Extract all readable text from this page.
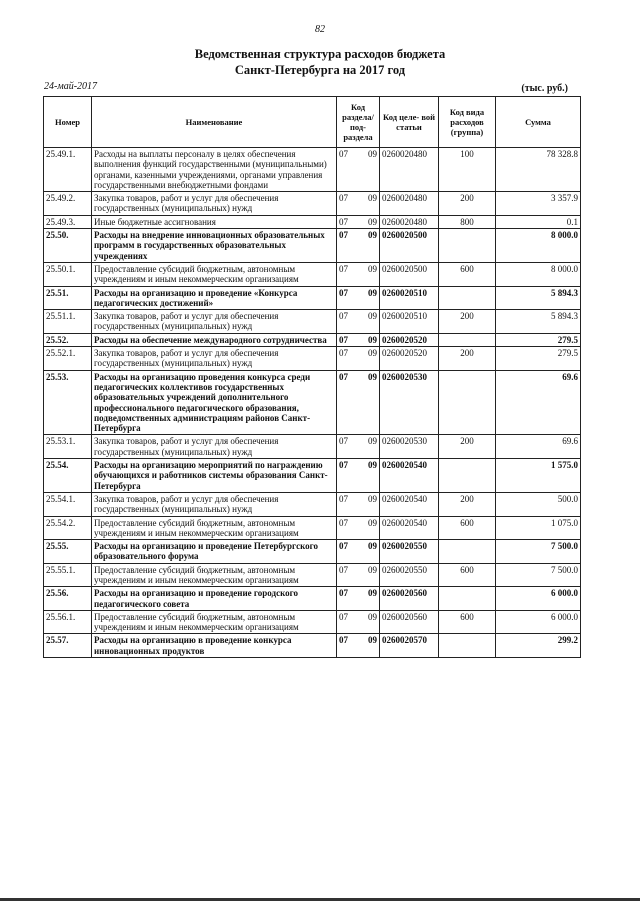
82
Ведомственная структура расходов бюджета
Санкт-Петербурга на 2017 год
24-май-2017	(тыс. руб.)
Номер	Наименование	Код раздела/ под- раздела	Код целе- вой статьи	Код вида расходов (группа)	Сумма
25.49.1.	Расходы на выплаты персоналу в целях обеспечения выполнения функций государственными (муниципальными) органами, казенными учреждениями, органами управления государственными внебюджетными фондами	07 09	0260020480	100	78 328.8
25.49.2.	Закупка товаров, работ и услуг для обеспечения государственных (муниципальных) нужд	07 09	0260020480	200	3 357.9
25.49.3.	Иные бюджетные ассигнования	07 09	0260020480	800	0.1
25.50.	Расходы на внедрение инновационных образовательных программ в государственных образовательных учреждениях	07 09	0260020500		8 000.0
25.50.1.	Предоставление субсидий бюджетным, автономным учреждениям и иным некоммерческим организациям	07 09	0260020500	600	8 000.0
25.51.	Расходы на организацию и проведение «Конкурса педагогических достижений»	07 09	0260020510		5 894.3
25.51.1.	Закупка товаров, работ и услуг для обеспечения государственных (муниципальных) нужд	07 09	0260020510	200	5 894.3
25.52.	Расходы на обеспечение международного сотрудничества	07 09	0260020520		279.5
25.52.1.	Закупка товаров, работ и услуг для обеспечения государственных (муниципальных) нужд	07 09	0260020520	200	279.5
25.53.	Расходы на организацию проведения конкурса среди педагогических коллективов государственных образовательных учреждений дополнительного профессионального педагогического образования, подведомственных администрациям районов Санкт-Петербурга	07 09	0260020530		69.6
25.53.1.	Закупка товаров, работ и услуг для обеспечения государственных (муниципальных) нужд	07 09	0260020530	200	69.6
25.54.	Расходы на организацию мероприятий по награждению обучающихся и работников системы образования Санкт-Петербурга	07 09	0260020540		1 575.0
25.54.1.	Закупка товаров, работ и услуг для обеспечения государственных (муниципальных) нужд	07 09	0260020540	200	500.0
25.54.2.	Предоставление субсидий бюджетным, автономным учреждениям и иным некоммерческим организациям	07 09	0260020540	600	1 075.0
25.55.	Расходы на организацию и проведение Петербургского образовательного форума	07 09	0260020550		7 500.0
25.55.1.	Предоставление субсидий бюджетным, автономным учреждениям и иным некоммерческим организациям	07 09	0260020550	600	7 500.0
25.56.	Расходы на организацию и проведение городского педагогического совета	07 09	0260020560		6 000.0
25.56.1.	Предоставление субсидий бюджетным, автономным учреждениям и иным некоммерческим организациям	07 09	0260020560	600	6 000.0
25.57.	Расходы на организацию в проведение конкурса инновационных продуктов	07 09	0260020570		299.2
